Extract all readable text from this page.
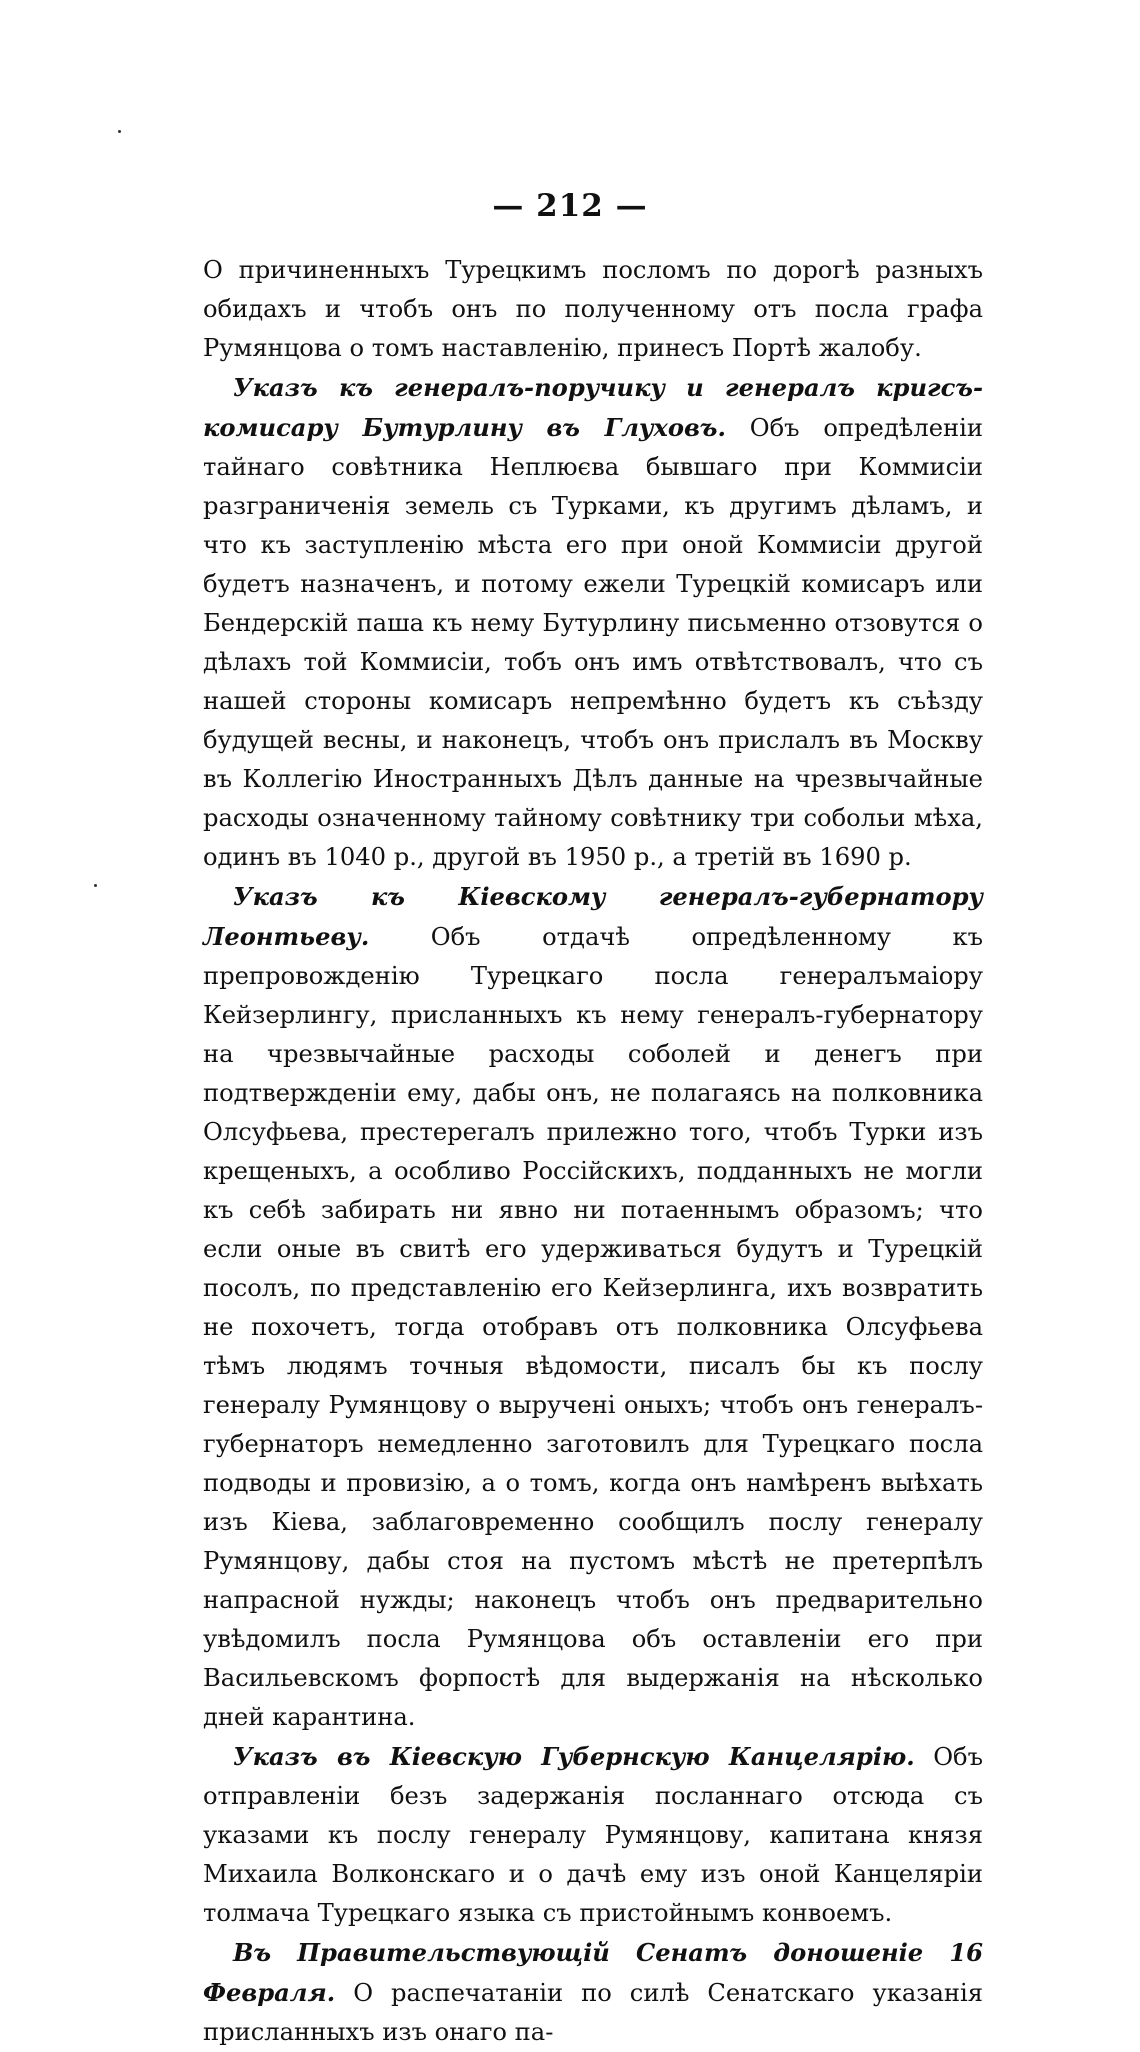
— 212 —

О причиненныхъ Турецкимъ посломъ по дорогѣ разныхъ обидахъ и чтобъ онъ по полученному отъ посла графа Румянцова о томъ наставленію, принесъ Портѣ жалобу.

Указъ къ генералъ-поручику и генералъ кригсъ-комисару Бутурлину въ Глуховъ. Объ опредѣленіи тайнаго совѣтника Неплюєва бывшаго при Коммисіи разграниченія земель съ Турками, къ другимъ дѣламъ, и что къ заступленію мѣста его при оной Коммисіи другой будетъ назначенъ, и потому ежели Турецкій комисаръ или Бендерскій паша къ нему Бутурлину письменно отзовутся о дѣлахъ той Коммисіи, тобъ онъ имъ отвѣтствовалъ, что съ нашей стороны комисаръ непремѣнно будетъ къ съѣзду будущей весны, и наконецъ, чтобъ онъ прислалъ въ Москву въ Коллегію Иностранныхъ Дѣлъ данные на чрезвычайные расходы означенному тайному совѣтнику три собольи мѣха, одинъ въ 1040 р., другой въ 1950 р., а третій въ 1690 р.

Указъ къ Кіевскому генералъ-губернатору Леонтьеву. Объ отдачѣ опредѣленному къ препровожденію Турецкаго посла генералъмаіору Кейзерлингу, присланныхъ къ нему генералъ-губернатору на чрезвычайные расходы соболей и денегъ при подтвержденіи ему, дабы онъ, не полагаясь на полковника Олсуфьева, престерегалъ прилежно того, чтобъ Турки изъ крещеныхъ, а особливо Россійскихъ, подданныхъ не могли къ себѣ забирать ни явно ни потаеннымъ образомъ; что если оные въ свитѣ его удерживаться будутъ и Турецкій посолъ, по представленію его Кейзерлинга, ихъ возвратить не похочетъ, тогда отобравъ отъ полковника Олсуфьева тѣмъ людямъ точныя вѣдомости, писалъ бы къ послу генералу Румянцову о выручені оныхъ; чтобъ онъ генералъ-губернаторъ немедленно заготовилъ для Турецкаго посла подводы и провизію, а о томъ, когда онъ намѣренъ выѣхать изъ Кіева, заблаговременно сообщилъ послу генералу Румянцову, дабы стоя на пустомъ мѣстѣ не претерпѣлъ напрасной нужды; наконецъ чтобъ онъ предварительно увѣдомилъ посла Румянцова объ оставленіи его при Васильевскомъ форпостѣ для выдержанія на нѣсколько дней карантина.

Указъ въ Кіевскую Губернскую Канцелярію. Объ отправленіи безъ задержанія посланнаго отсюда съ указами къ послу генералу Румянцову, капитана князя Михаила Волконскаго и о дачѣ ему изъ оной Канцеляріи толмача Турецкаго языка съ пристойнымъ конвоемъ.

Въ Правительствующій Сенатъ доношеніе 16 Февраля. О распечатаніи по силѣ Сенатскаго указанія присланныхъ изъ онаго па-
